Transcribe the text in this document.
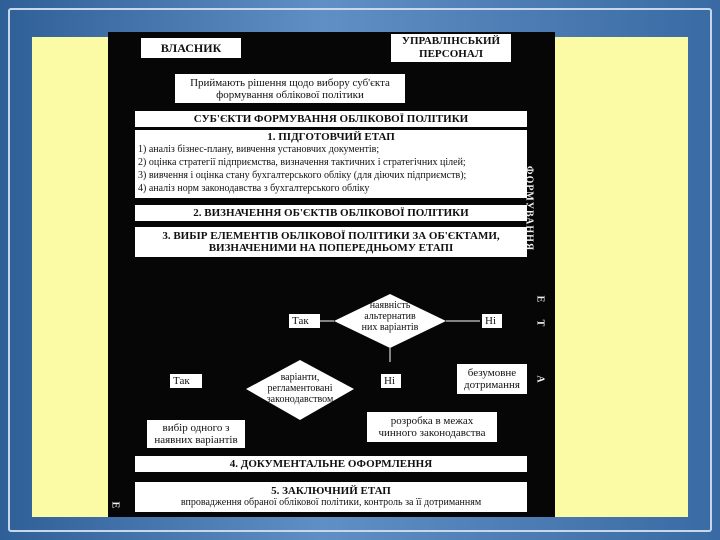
ВЛАСНИК	УПРАВЛІНСЬКИЙ
ПЕРСОНАЛ
Приймають рішення щодо вибору суб'єкта
формування облікової політики
СУБ'ЄКТИ ФОРМУВАННЯ ОБЛІКОВОЇ ПОЛІТИКИ
1. ПІДГОТОВЧИЙ ЕТАП
1) аналіз бізнес-плану, вивчення установчих документів;
2) оцінка стратегії підприємства, визначення тактичних і стратегічних цілей;
3) вивчення і оцінка стану бухгалтерського обліку (для діючих підприємств);
4) аналіз норм законодавства з бухгалтерського обліку
2. ВИЗНАЧЕННЯ ОБ'ЄКТІВ ОБЛІКОВОЇ ПОЛІТИКИ
3. ВИБІР ЕЛЕМЕНТІВ ОБЛІКОВОЇ ПОЛІТИКИ ЗА ОБ'ЄКТАМИ,
ВИЗНАЧЕНИМИ НА ПОПЕРЕДНЬОМУ ЕТАПІ
наявність
альтернатив
них варіантів
Так	Ні
безумовне
дотримання
варіанти,
регламентовані
законодавством
Так	Ні
вибір одного з
наявних варіантів
розробка в межах
чинного законодавства
4. ДОКУМЕНТАЛЬНЕ ОФОРМЛЕННЯ
5. ЗАКЛЮЧНИЙ ЕТАП
впровадження обраної облікової політики, контроль за її дотриманням
ФОРМУВАННЯ
Е
Т
А
Е
